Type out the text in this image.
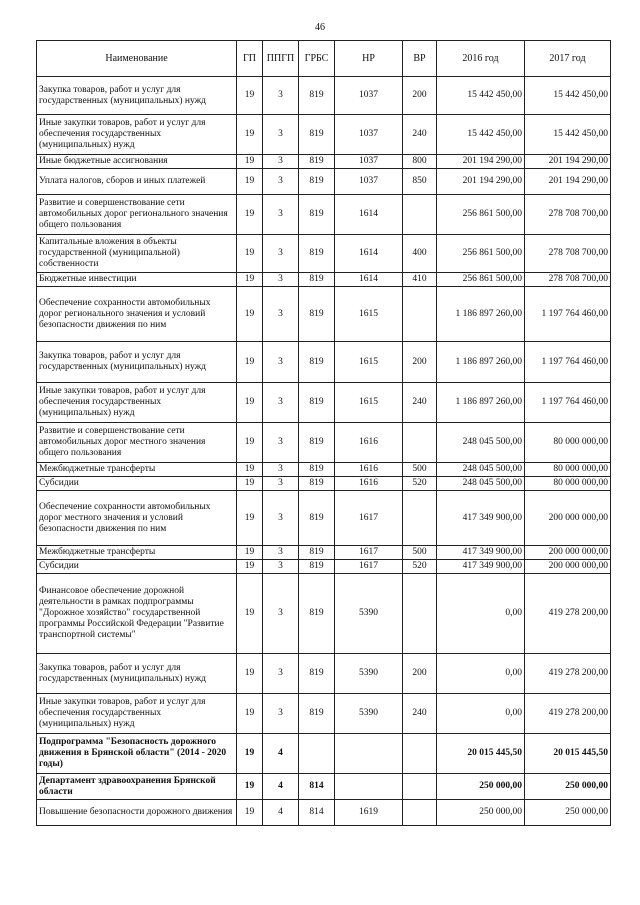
46
Наименование	ГП	ППГП	ГРБС	НР	ВР	2016 год	2017 год
Закупка товаров, работ и услуг для государственных (муниципальных) нужд	19	3	819	1037	200	15 442 450,00	15 442 450,00
Иные закупки товаров, работ и услуг для обеспечения государственных (муниципальных) нужд	19	3	819	1037	240	15 442 450,00	15 442 450,00
Иные бюджетные ассигнования	19	3	819	1037	800	201 194 290,00	201 194 290,00
Уплата налогов, сборов и иных платежей	19	3	819	1037	850	201 194 290,00	201 194 290,00
Развитие и совершенствование сети автомобильных дорог регионального значения общего пользования	19	3	819	1614		256 861 500,00	278 708 700,00
Капитальные вложения в объекты государственной (муниципальной) собственности	19	3	819	1614	400	256 861 500,00	278 708 700,00
Бюджетные инвестиции	19	3	819	1614	410	256 861 500,00	278 708 700,00
Обеспечение сохранности автомобильных дорог регионального значения и условий безопасности движения по ним	19	3	819	1615		1 186 897 260,00	1 197 764 460,00
Закупка товаров, работ и услуг для государственных (муниципальных) нужд	19	3	819	1615	200	1 186 897 260,00	1 197 764 460,00
Иные закупки товаров, работ и услуг для обеспечения государственных (муниципальных) нужд	19	3	819	1615	240	1 186 897 260,00	1 197 764 460,00
Развитие и совершенствование сети автомобильных дорог местного значения общего пользования	19	3	819	1616		248 045 500,00	80 000 000,00
Межбюджетные трансферты	19	3	819	1616	500	248 045 500,00	80 000 000,00
Субсидии	19	3	819	1616	520	248 045 500,00	80 000 000,00
Обеспечение сохранности автомобильных дорог местного значения и условий безопасности движения по ним	19	3	819	1617		417 349 900,00	200 000 000,00
Межбюджетные трансферты	19	3	819	1617	500	417 349 900,00	200 000 000,00
Субсидии	19	3	819	1617	520	417 349 900,00	200 000 000,00
Финансовое обеспечение дорожной деятельности в рамках подпрограммы "Дорожное хозяйство" государственной программы Российской Федерации "Развитие транспортной системы"	19	3	819	5390		0,00	419 278 200,00
Закупка товаров, работ и услуг для государственных (муниципальных) нужд	19	3	819	5390	200	0,00	419 278 200,00
Иные закупки товаров, работ и услуг для обеспечения государственных (муниципальных) нужд	19	3	819	5390	240	0,00	419 278 200,00
Подпрограмма "Безопасность дорожного движения в Брянской области" (2014 - 2020 годы)	19	4				20 015 445,50	20 015 445,50
Департамент здравоохранения Брянской области	19	4	814			250 000,00	250 000,00
Повышение безопасности дорожного движения	19	4	814	1619		250 000,00	250 000,00
